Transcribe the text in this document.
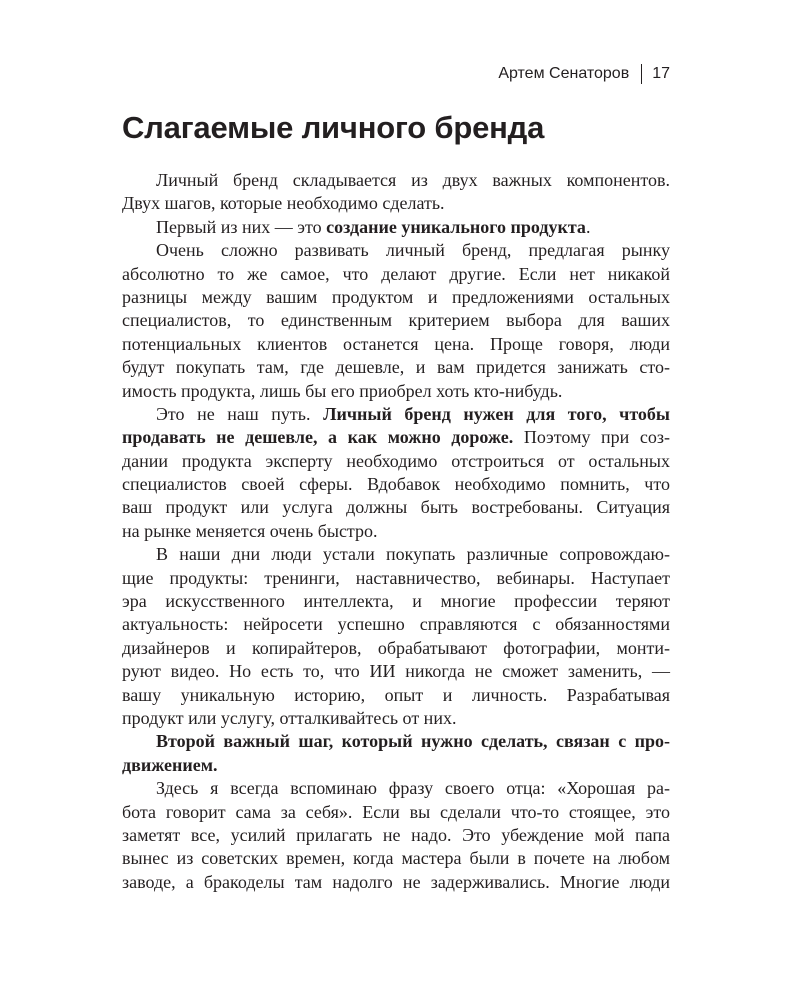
Артем Сенаторов 17
Слагаемые личного бренда
Личный бренд складывается из двух важных компонентов.
Двух шагов, которые необходимо сделать.
Первый из них — это создание уникального продукта.
Очень сложно развивать личный бренд, предлагая рынку
абсолютно то же самое, что делают другие. Если нет никакой
разницы между вашим продуктом и предложениями остальных
специалистов, то единственным критерием выбора для ваших
потенциальных клиентов останется цена. Проще говоря, люди
будут покупать там, где дешевле, и вам придется занижать сто-
имость продукта, лишь бы его приобрел хоть кто-нибудь.
Это не наш путь. Личный бренд нужен для того, чтобы
продавать не дешевле, а как можно дороже. Поэтому при соз-
дании продукта эксперту необходимо отстроиться от остальных
специалистов своей сферы. Вдобавок необходимо помнить, что
ваш продукт или услуга должны быть востребованы. Ситуация
на рынке меняется очень быстро.
В наши дни люди устали покупать различные сопровождаю-
щие продукты: тренинги, наставничество, вебинары. Наступает
эра искусственного интеллекта, и многие профессии теряют
актуальность: нейросети успешно справляются с обязанностями
дизайнеров и копирайтеров, обрабатывают фотографии, монти-
руют видео. Но есть то, что ИИ никогда не сможет заменить, —
вашу уникальную историю, опыт и личность. Разрабатывая
продукт или услугу, отталкивайтесь от них.
Второй важный шаг, который нужно сделать, связан с про-
движением.
Здесь я всегда вспоминаю фразу своего отца: «Хорошая ра-
бота говорит сама за себя». Если вы сделали что-то стоящее, это
заметят все, усилий прилагать не надо. Это убеждение мой папа
вынес из советских времен, когда мастера были в почете на любом
заводе, а бракоделы там надолго не задерживались. Многие люди
